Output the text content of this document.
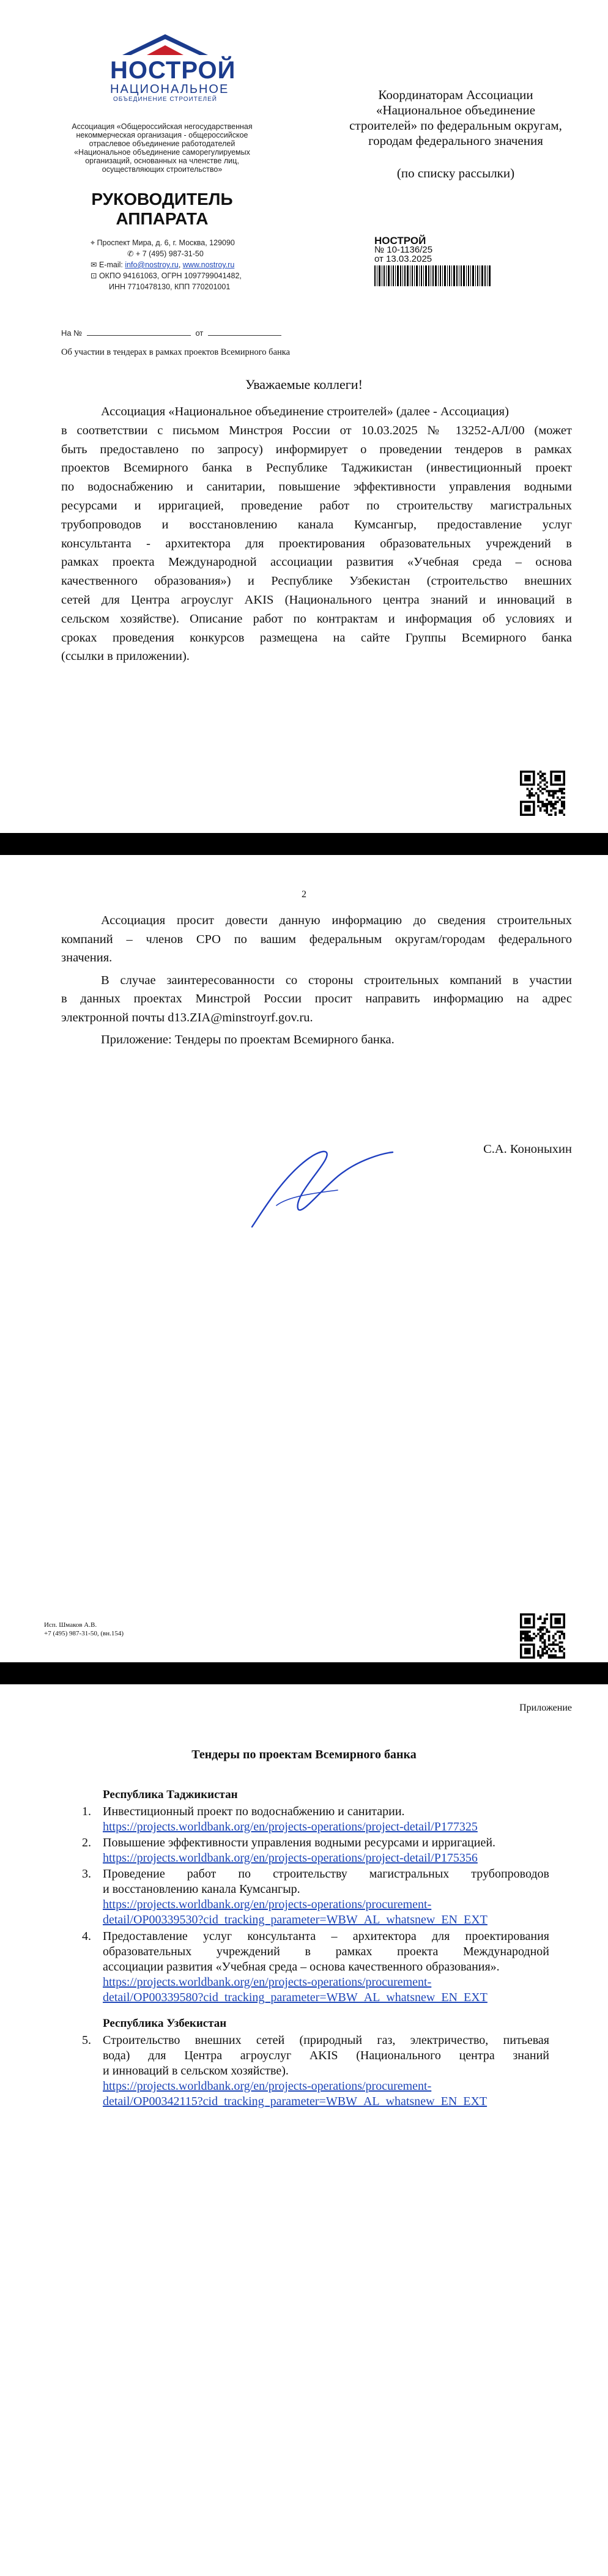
НОСТРОЙ
НАЦИОНАЛЬНОЕ
ОБЪЕДИНЕНИЕ СТРОИТЕЛЕЙ
Ассоциация «Общероссийская негосударственная
некоммерческая организация - общероссийское
отраслевое объединение работодателей
«Национальное объединение саморегулируемых
организаций, основанных на членстве лиц,
осуществляющих строительство»
РУКОВОДИТЕЛЬ
АППАРАТА
⌖ Проспект Мира, д. 6, г. Москва, 129090
✆ + 7 (495) 987-31-50
✉ E-mail: info@nostroy.ru, www.nostroy.ru
⊡ ОКПО 94161063, ОГРН 1097799041482,
ИНН 7710478130, КПП 770201001
Координаторам Ассоциации
«Национальное объединение
строителей» по федеральным округам,
городам федерального значения
(по списку рассылки)
НОСТРОЙ
№ 10-1136/25
от 13.03.2025
На №	от
Об участии в тендерах в рамках проектов Всемирного банка
Уважаемые коллеги!
Ассоциация «Национальное объединение строителей» (далее - Ассоциация)
в соответствии с письмом Минстроя России от 10.03.2025 № 13252-АЛ/00 (может
быть предоставлено по запросу) информирует о проведении тендеров в рамках
проектов Всемирного банка в Республике Таджикистан (инвестиционный проект
по водоснабжению и санитарии, повышение эффективности управления водными
ресурсами и ирригацией, проведение работ по строительству магистральных
трубопроводов и восстановлению канала Кумсангыр, предоставление услуг
консультанта - архитектора для проектирования образовательных учреждений в
рамках проекта Международной ассоциации развития «Учебная среда – основа
качественного образования») и Республике Узбекистан (строительство внешних
сетей для Центра агроуслуг AKIS (Национального центра знаний и инноваций в
сельском хозяйстве). Описание работ по контрактам и информация об условиях и
сроках проведения конкурсов размещена на сайте Группы Всемирного банка
(ссылки в приложении).
2
Ассоциация просит довести данную информацию до сведения строительных
компаний – членов СРО по вашим федеральным округам/городам федерального
значения.
В случае заинтересованности со стороны строительных компаний в участии
в данных проектах Минстрой России просит направить информацию на адрес
электронной почты d13.ZIA@minstroyrf.gov.ru.
Приложение: Тендеры по проектам Всемирного банка.
С.А. Кононыхин
Исп. Шмаков А.В.
+7 (495) 987-31-50, (вн.154)
Приложение
Тендеры по проектам Всемирного банка
Республика Таджикистан
1. Инвестиционный проект по водоснабжению и санитарии.
https://projects.worldbank.org/en/projects-operations/project-detail/P177325
2. Повышение эффективности управления водными ресурсами и ирригацией.
https://projects.worldbank.org/en/projects-operations/project-detail/P175356
3. Проведение работ по строительству магистральных трубопроводов
и восстановлению канала Кумсангыр.
https://projects.worldbank.org/en/projects-operations/procurement-
detail/OP00339530?cid_tracking_parameter=WBW_AL_whatsnew_EN_EXT
4. Предоставление услуг консультанта – архитектора для проектирования
образовательных учреждений в рамках проекта Международной
ассоциации развития «Учебная среда – основа качественного образования».
https://projects.worldbank.org/en/projects-operations/procurement-
detail/OP00339580?cid_tracking_parameter=WBW_AL_whatsnew_EN_EXT
Республика Узбекистан
5. Строительство внешних сетей (природный газ, электричество, питьевая
вода) для Центра агроуслуг AKIS (Национального центра знаний
и инноваций в сельском хозяйстве).
https://projects.worldbank.org/en/projects-operations/procurement-
detail/OP00342115?cid_tracking_parameter=WBW_AL_whatsnew_EN_EXT
